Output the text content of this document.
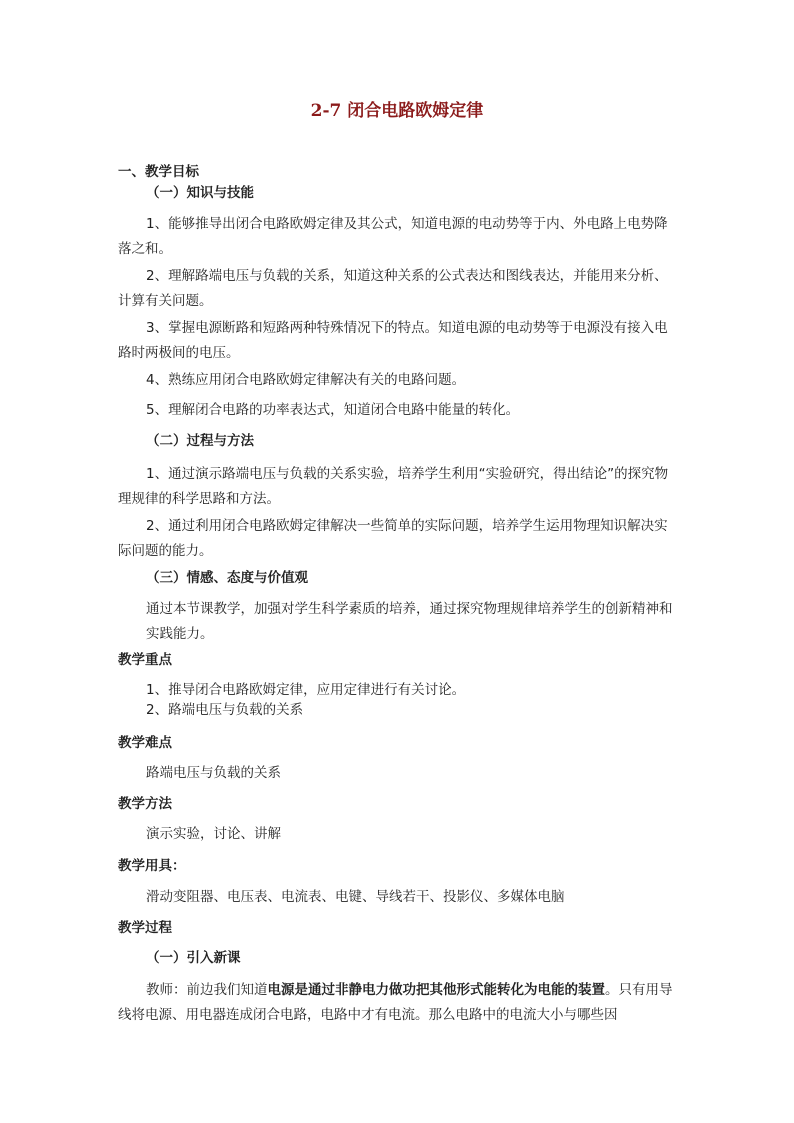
2-7 闭合电路欧姆定律
一、教学目标
（一）知识与技能
1、能够推导出闭合电路欧姆定律及其公式，知道电源的电动势等于内、外电路上电势降落之和。
2、理解路端电压与负载的关系，知道这种关系的公式表达和图线表达，并能用来分析、计算有关问题。
3、掌握电源断路和短路两种特殊情况下的特点。知道电源的电动势等于电源没有接入电路时两极间的电压。
4、熟练应用闭合电路欧姆定律解决有关的电路问题。
5、理解闭合电路的功率表达式，知道闭合电路中能量的转化。
（二）过程与方法
1、通过演示路端电压与负载的关系实验，培养学生利用“实验研究，得出结论”的探究物理规律的科学思路和方法。
2、通过利用闭合电路欧姆定律解决一些简单的实际问题，培养学生运用物理知识解决实际问题的能力。
（三）情感、态度与价值观
通过本节课教学，加强对学生科学素质的培养，通过探究物理规律培养学生的创新精神和实践能力。
教学重点
1、推导闭合电路欧姆定律，应用定律进行有关讨论。
2、路端电压与负载的关系
教学难点
路端电压与负载的关系
教学方法
演示实验，讨论、讲解
教学用具：
滑动变阻器、电压表、电流表、电键、导线若干、投影仪、多媒体电脑
教学过程
（一）引入新课
教师：前边我们知道电源是通过非静电力做功把其他形式能转化为电能的装置。只有用导线将电源、用电器连成闭合电路，电路中才有电流。那么电路中的电流大小与哪些因
